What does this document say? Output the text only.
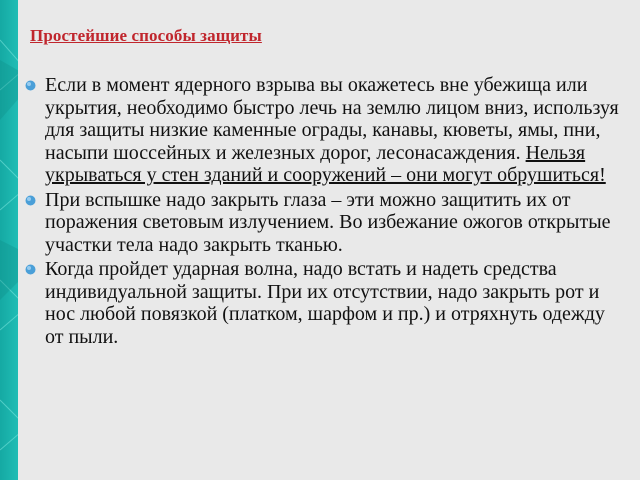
Простейшие способы защиты
Если в момент ядерного взрыва вы окажетесь вне убежища или укрытия, необходимо быстро лечь на землю лицом вниз, используя для защиты низкие каменные ограды, канавы, кюветы, ямы, пни, насыпи шоссейных и железных дорог, лесонасаждения. Нельзя укрываться у стен зданий и сооружений – они могут обрушиться!
При вспышке надо закрыть глаза – эти можно защитить их от поражения световым излучением. Во избежание ожогов открытые участки тела надо закрыть тканью.
Когда пройдет ударная волна, надо встать и надеть средства индивидуальной защиты. При их отсутствии, надо закрыть рот и нос любой повязкой (платком, шарфом и пр.) и отряхнуть одежду от пыли.
